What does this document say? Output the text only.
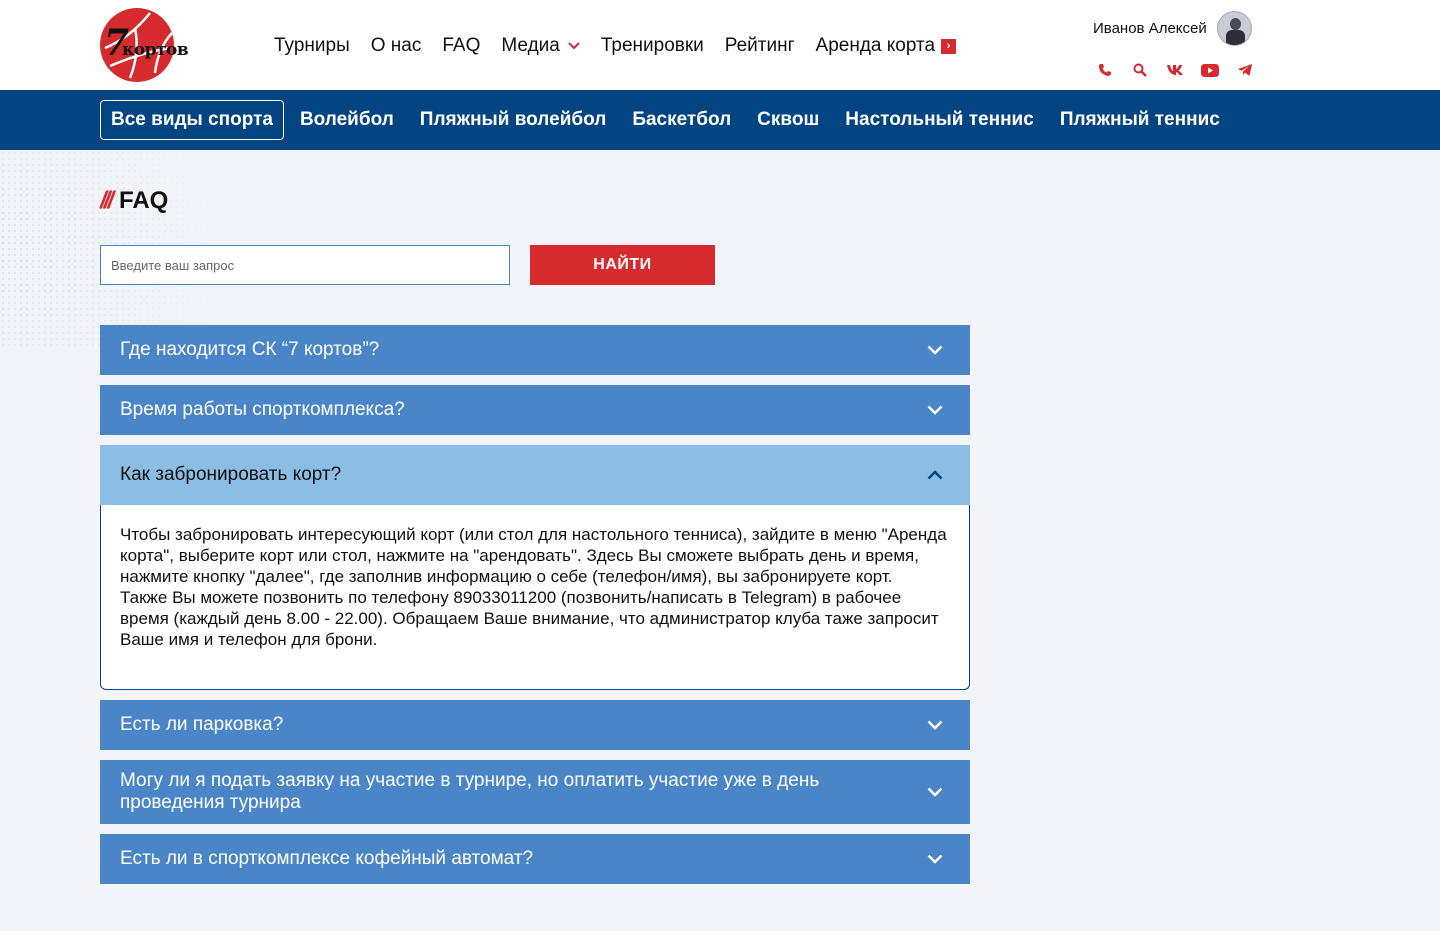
7
кортов	Турниры О нас FAQ Медиа Тренировки Рейтинг Аренда корта	›
Иванов Алексей
Все виды спорта	Волейбол	Пляжный волейбол	Баскетбол	Сквош	Настольный теннис	Пляжный теннис
/// FAQ
Введите ваш запрос
НАЙТИ
Где находится СК “7 кортов”?
Время работы спорткомплекса?
Как забронировать корт?

Чтобы забронировать интересующий корт (или стол для настольного тенниса), зайдите в меню "Аренда корта", выберите корт или стол, нажмите на "арендовать". Здесь Вы сможете выбрать день и время, нажмите кнопку "далее", где заполнив информацию о себе (телефон/имя), вы забронируете корт.

Также Вы можете позвонить по телефону 89033011200 (позвонить/написать в Telegram) в рабочее время (каждый день 8.00 - 22.00). Обращаем Ваше внимание, что администратор клуба таже запросит Ваше имя и телефон для брони.

Есть ли парковка?
Могу ли я подать заявку на участие в турнире, но оплатить участие уже в день проведения турнира
Есть ли в спорткомплексе кофейный автомат?
